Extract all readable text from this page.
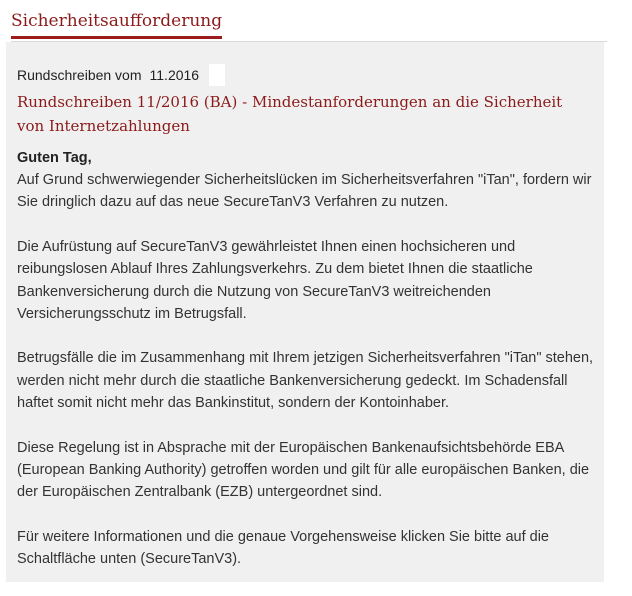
Sicherheitsaufforderung
Rundschreiben vom 11.2016
Rundschreiben 11/2016 (BA) - Mindestanforderungen an die Sicherheit von Internetzahlungen
Guten Tag,

Auf Grund schwerwiegender Sicherheitslücken im Sicherheitsverfahren "iTan", fordern wir Sie dringlich dazu auf das neue SecureTanV3 Verfahren zu nutzen.

Die Aufrüstung auf SecureTanV3 gewährleistet Ihnen einen hochsicheren und reibungslosen Ablauf Ihres Zahlungsverkehrs. Zu dem bietet Ihnen die staatliche Bankenversicherung durch die Nutzung von SecureTanV3 weitreichenden Versicherungsschutz im Betrugsfall.

Betrugsfälle die im Zusammenhang mit Ihrem jetzigen Sicherheitsverfahren "iTan" stehen, werden nicht mehr durch die staatliche Bankenversicherung gedeckt. Im Schadensfall haftet somit nicht mehr das Bankinstitut, sondern der Kontoinhaber.

Diese Regelung ist in Absprache mit der Europäischen Bankenaufsichtsbehörde EBA (European Banking Authority) getroffen worden und gilt für alle europäischen Banken, die der Europäischen Zentralbank (EZB) untergeordnet sind.

Für weitere Informationen und die genaue Vorgehensweise klicken Sie bitte auf die Schaltfläche unten (SecureTanV3).
